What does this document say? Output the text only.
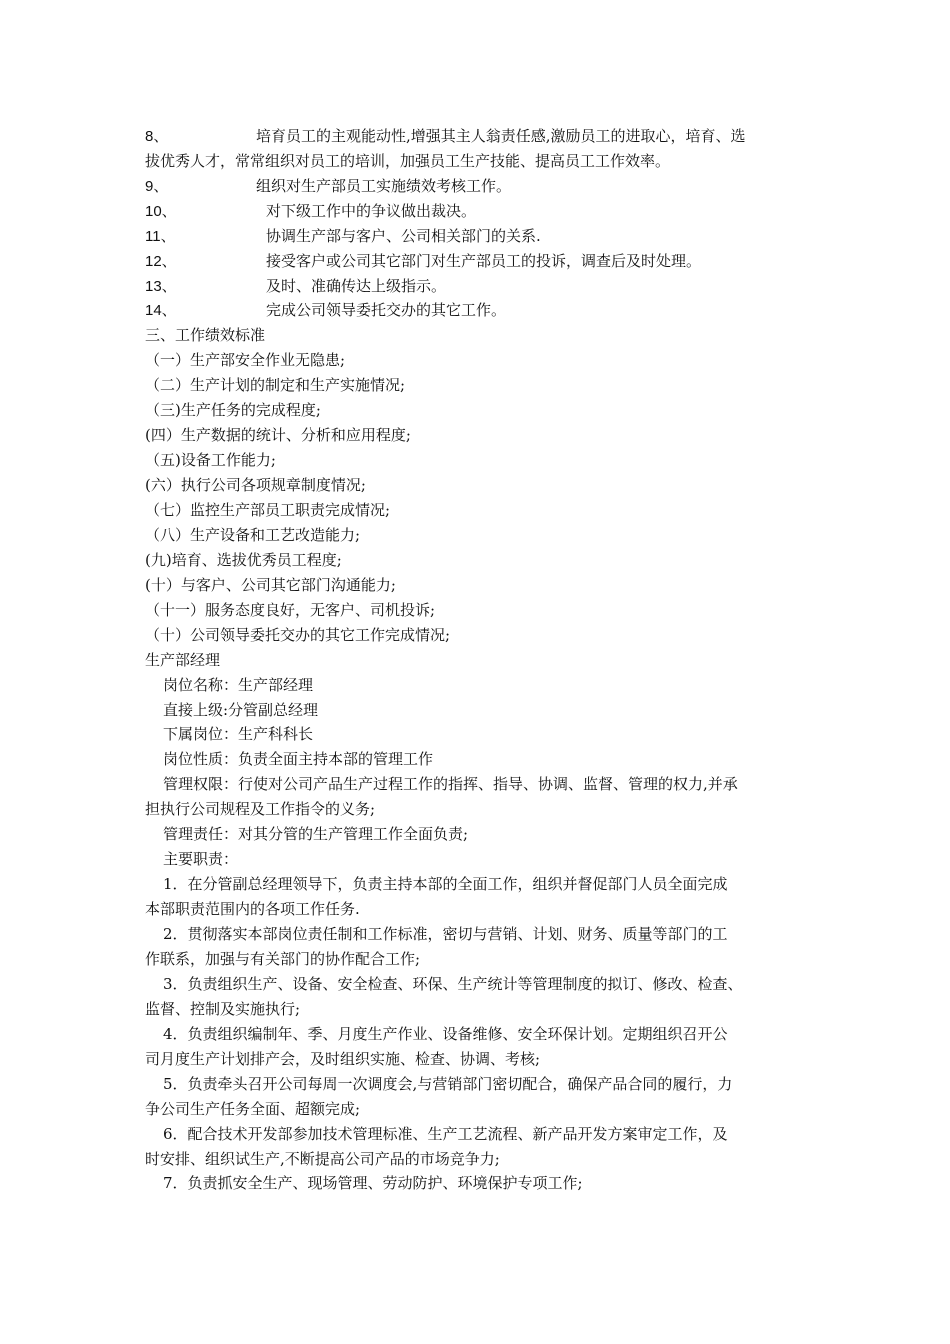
8、	培育员工的主观能动性,增强其主人翁责任感,激励员工的进取心，培育、选
拔优秀人才，常常组织对员工的培训，加强员工生产技能、提高员工工作效率。
9、	组织对生产部员工实施绩效考核工作。
10、	对下级工作中的争议做出裁决。
11、	协调生产部与客户、公司相关部门的关系.
12、	接受客户或公司其它部门对生产部员工的投诉，调查后及时处理。
13、	及时、准确传达上级指示。
14、	完成公司领导委托交办的其它工作。
三、工作绩效标准
（一）生产部安全作业无隐患;
（二）生产计划的制定和生产实施情况;
（三)生产任务的完成程度;
(四）生产数据的统计、分析和应用程度;
（五)设备工作能力;
(六）执行公司各项规章制度情况;
（七）监控生产部员工职责完成情况;
（八）生产设备和工艺改造能力;
(九)培育、选拔优秀员工程度;
(十）与客户、公司其它部门沟通能力;
（十一）服务态度良好，无客户、司机投诉;
（十）公司领导委托交办的其它工作完成情况;
生产部经理
岗位名称：生产部经理
直接上级:分管副总经理
下属岗位：生产科科长
岗位性质：负责全面主持本部的管理工作
管理权限：行使对公司产品生产过程工作的指挥、指导、协调、监督、管理的权力,并承
担执行公司规程及工作指令的义务;
管理责任：对其分管的生产管理工作全面负责;
主要职责：
1．在分管副总经理领导下，负责主持本部的全面工作，组织并督促部门人员全面完成
本部职责范围内的各项工作任务.
2．贯彻落实本部岗位责任制和工作标准，密切与营销、计划、财务、质量等部门的工
作联系，加强与有关部门的协作配合工作;
3．负责组织生产、设备、安全检查、环保、生产统计等管理制度的拟订、修改、检查、
监督、控制及实施执行;
4．负责组织编制年、季、月度生产作业、设备维修、安全环保计划。定期组织召开公
司月度生产计划排产会，及时组织实施、检查、协调、考核;
5．负责牵头召开公司每周一次调度会,与营销部门密切配合，确保产品合同的履行，力
争公司生产任务全面、超额完成;
6．配合技术开发部参加技术管理标准、生产工艺流程、新产品开发方案审定工作，及
时安排、组织试生产,不断提高公司产品的市场竞争力;
7．负责抓安全生产、现场管理、劳动防护、环境保护专项工作;
